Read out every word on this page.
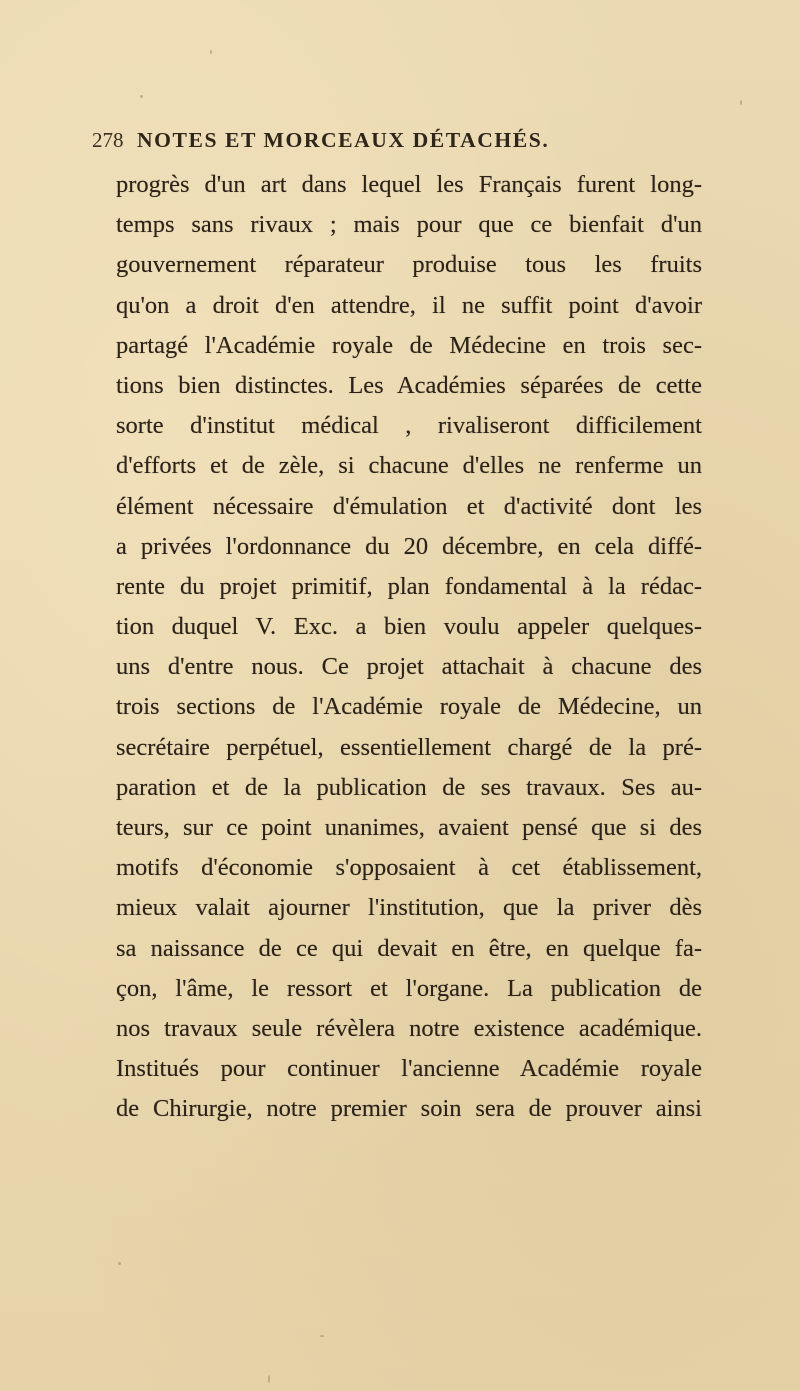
278 NOTES ET MORCEAUX DÉTACHÉS.
progrès d'un art dans lequel les Français furent long-
temps sans rivaux ; mais pour que ce bienfait d'un
gouvernement réparateur produise tous les fruits
qu'on a droit d'en attendre, il ne suffit point d'avoir
partagé l'Académie royale de Médecine en trois sec-
tions bien distinctes. Les Académies séparées de cette
sorte d'institut médical , rivaliseront difficilement
d'efforts et de zèle, si chacune d'elles ne renferme un
élément nécessaire d'émulation et d'activité dont les
a privées l'ordonnance du 20 décembre, en cela diffé-
rente du projet primitif, plan fondamental à la rédac-
tion duquel V. Exc. a bien voulu appeler quelques-
uns d'entre nous. Ce projet attachait à chacune des
trois sections de l'Académie royale de Médecine, un
secrétaire perpétuel, essentiellement chargé de la pré-
paration et de la publication de ses travaux. Ses au-
teurs, sur ce point unanimes, avaient pensé que si des
motifs d'économie s'opposaient à cet établissement,
mieux valait ajourner l'institution, que la priver dès
sa naissance de ce qui devait en être, en quelque fa-
çon, l'âme, le ressort et l'organe. La publication de
nos travaux seule révèlera notre existence académique.
Institués pour continuer l'ancienne Académie royale
de Chirurgie, notre premier soin sera de prouver ainsi
